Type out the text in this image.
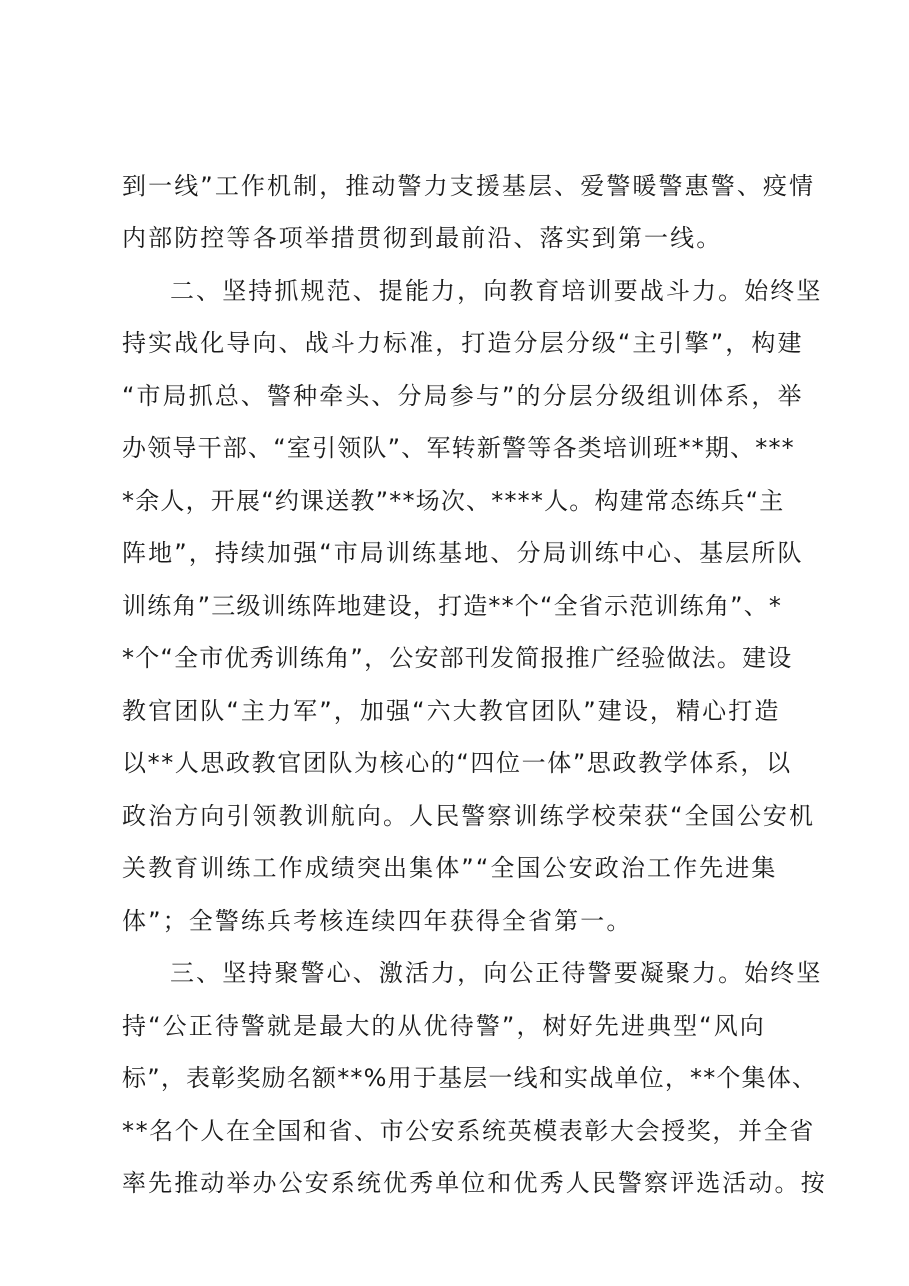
到一线”工作机制，推动警力支援基层、爱警暖警惠警、疫情
内部防控等各项举措贯彻到最前沿、落实到第一线。
二、坚持抓规范、提能力，向教育培训要战斗力。始终坚
持实战化导向、战斗力标准，打造分层分级“主引擎”，构建
“市局抓总、警种牵头、分局参与”的分层分级组训体系，举
办领导干部、“室引领队”、军转新警等各类培训班**期、***
*余人，开展“约课送教”**场次、****人。构建常态练兵“主
阵地”，持续加强“市局训练基地、分局训练中心、基层所队
训练角”三级训练阵地建设，打造**个“全省示范训练角”、*
*个“全市优秀训练角”，公安部刊发简报推广经验做法。建设
教官团队“主力军”，加强“六大教官团队”建设，精心打造
以**人思政教官团队为核心的“四位一体”思政教学体系，以
政治方向引领教训航向。人民警察训练学校荣获“全国公安机
关教育训练工作成绩突出集体”“全国公安政治工作先进集
体”；全警练兵考核连续四年获得全省第一。
三、坚持聚警心、激活力，向公正待警要凝聚力。始终坚
持“公正待警就是最大的从优待警”，树好先进典型“风向
标”，表彰奖励名额**%用于基层一线和实战单位，**个集体、
**名个人在全国和省、市公安系统英模表彰大会授奖，并全省
率先推动举办公安系统优秀单位和优秀人民警察评选活动。按
